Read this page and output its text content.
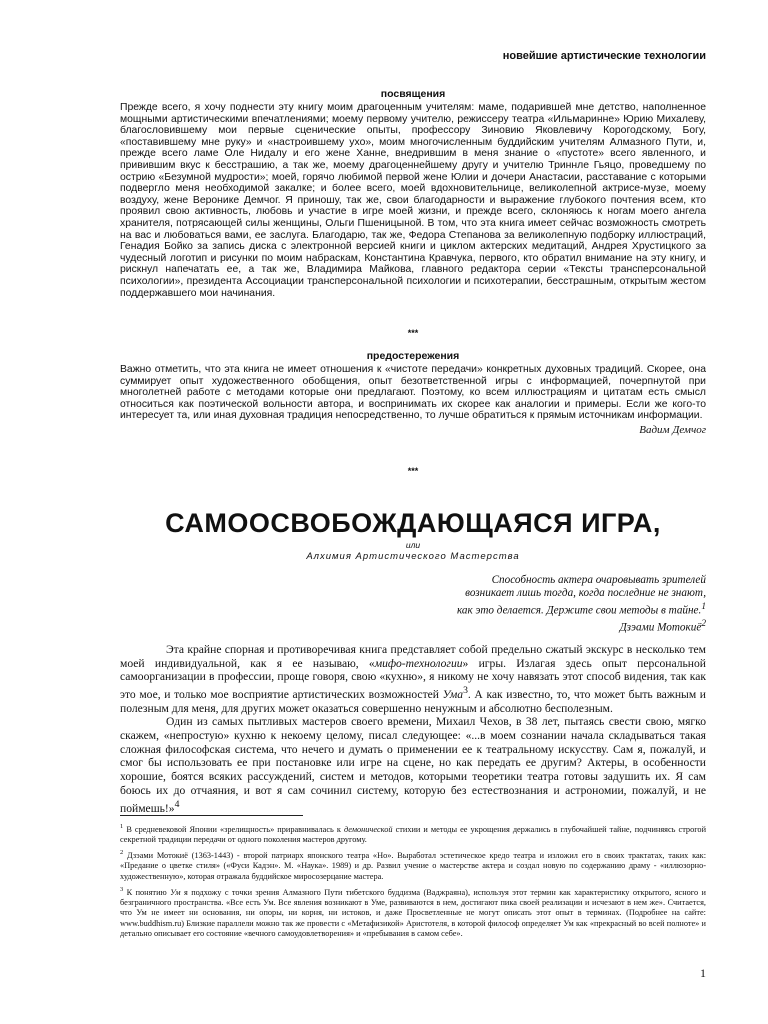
новейшие артистические технологии

посвящения

Прежде всего, я хочу поднести эту книгу моим драгоценным учителям: маме, подарившей мне детство, наполненное мощными артистическими впечатлениями; моему первому учителю, режиссеру театра «Ильмаринне» Юрию Михалеву, благословившему мои первые сценические опыты, профессору Зиновию Яковлевичу Корогодскому, Богу, «поставившему мне руку» и «настроившему ухо», моим многочисленным буддийским учителям Алмазного Пути, и, прежде всего ламе Оле Нидалу и его жене Ханне, внедрившим в меня знание о «пустоте» всего явленного, и привившим вкус к бесстрашию, а так же, моему драгоценнейшему другу и учителю Триннле Гьяцо, проведшему по острию «Безумной мудрости»; моей, горячо любимой первой жене Юлии и дочери Анастасии, расставание с которыми подвергло меня необходимой закалке; и более всего, моей вдохновительнице, великолепной актрисе-музе, моему воздуху, жене Веронике Демчог. Я приношу, так же, свои благодарности и выражение глубокого почтения всем, кто проявил свою активность, любовь и участие в игре моей жизни, и прежде всего, склоняюсь к ногам моего ангела хранителя, потрясающей силы женщины, Ольги Пшеницыной. В том, что эта книга имеет сейчас возможность смотреть на вас и любоваться вами, ее заслуга. Благодарю, так же, Федора Степанова за великолепную подборку иллюстраций, Генадия Бойко за запись диска с электронной версией книги и циклом актерских медитаций, Андрея Хрустицкого за чудесный логотип и рисунки по моим набраскам, Константина Кравчука, первого, кто обратил внимание на эту книгу, и рискнул напечатать ее, а так же, Владимира Майкова, главного редактора серии «Тексты трансперсональной психологии», президента Ассоциации трансперсональной психологии и психотерапии, бесстрашным, открытым жестом поддержавшего мои начинания.

***

предостережения

Важно отметить, что эта книга не имеет отношения к «чистоте передачи» конкретных духовных традиций. Скорее, она суммирует опыт художественного обобщения, опыт безответственной игры с информацией, почерпнутой при многолетней работе с методами которые они предлагают. Поэтому, ко всем иллюстрациям и цитатам есть смысл относиться как поэтической вольности автора, и воспринимать их скорее как аналогии и примеры. Если же кого-то интересует та, или иная духовная традиция непосредственно, то лучше обратиться к прямым источникам информации.

Вадим Демчог

***

САМООСВОБОЖДАЮЩАЯСЯ ИГРА,

или

Алхимия Артистического Мастерства

Способность актера очаровывать зрителей

возникает лишь тогда, когда последние не знают,

как это делается. Держите свои методы в тайне.$^1$

Дзэами Мотокиё$^2$

Эта крайне спорная и противоречивая книга представляет собой предельно сжатый экскурс в несколько тем моей индивидуальной, как я ее называю, «мифо-технологии» игры. Излагая здесь опыт персональной самоорганизации в профессии, проще говоря, свою «кухню», я никому не хочу навязать этот способ видения, так как это мое, и только мое восприятие артистических возможностей Ума$^3$. А как известно, то, что может быть важным и полезным для меня, для других может оказаться совершенно ненужным и абсолютно бесполезным.

Один из самых пытливых мастеров своего времени, Михаил Чехов, в 38 лет, пытаясь свести свою, мягко скажем, «непростую» кухню к некоему целому, писал следующее: «...в моем сознании начала складываться такая сложная философская система, что нечего и думать о применении ее к театральному искусству. Сам я, пожалуй, и смог бы использовать ее при постановке или игре на сцене, но как передать ее другим? Актеры, в особенности хорошие, боятся всяких рассуждений, систем и методов, которыми теоретики театра готовы задушить их. Я сам боюсь их до отчаяния, и вот я сам сочинил систему, которую без естествознания и астрономии, пожалуй, и не поймешь!»$^4$

$^1$ В средневековой Японии «зрелищность» приравнивалась к демонической стихии и методы ее укрощения держались в глубочайшей тайне, подчиняясь строгой секретной традиции передачи от одного поколения мастеров другому.

$^2$ Дзэами Мотокиё (1363-1443) - второй патриарх японского театра «Но». Выработал эстетическое кредо театра и изложил его в своих трактатах, таких как: «Предание о цветке стиля» («Фуси Кадэн». М. «Наука». 1989) и др. Развил учение о мастерстве актера и создал новую по содержанию драму - «иллюзорно-художественную», которая отражала буддийское миросозерцание мастера.

$^3$ К понятию Ум я подхожу с точки зрения Алмазного Пути тибетского буддизма (Ваджраяна), используя этот термин как характеристику открытого, ясного и безграничного пространства. «Все есть Ум. Все явления возникают в Уме, развиваются в нем, достигают пика своей реализации и исчезают в нем же». Считается, что Ум не имеет ни основания, ни опоры, ни корня, ни истоков, и даже Просветленные не могут описать этот опыт в терминах. (Подробнее на сайте: www.buddhism.ru) Близкие параллели можно так же провести с «Метафизикой» Аристотеля, в которой философ определяет Ум как «прекрасный во всей полноте» и детально описывает его состояние «вечного самоудовлетворения» и «пребывания в самом себе».

1
